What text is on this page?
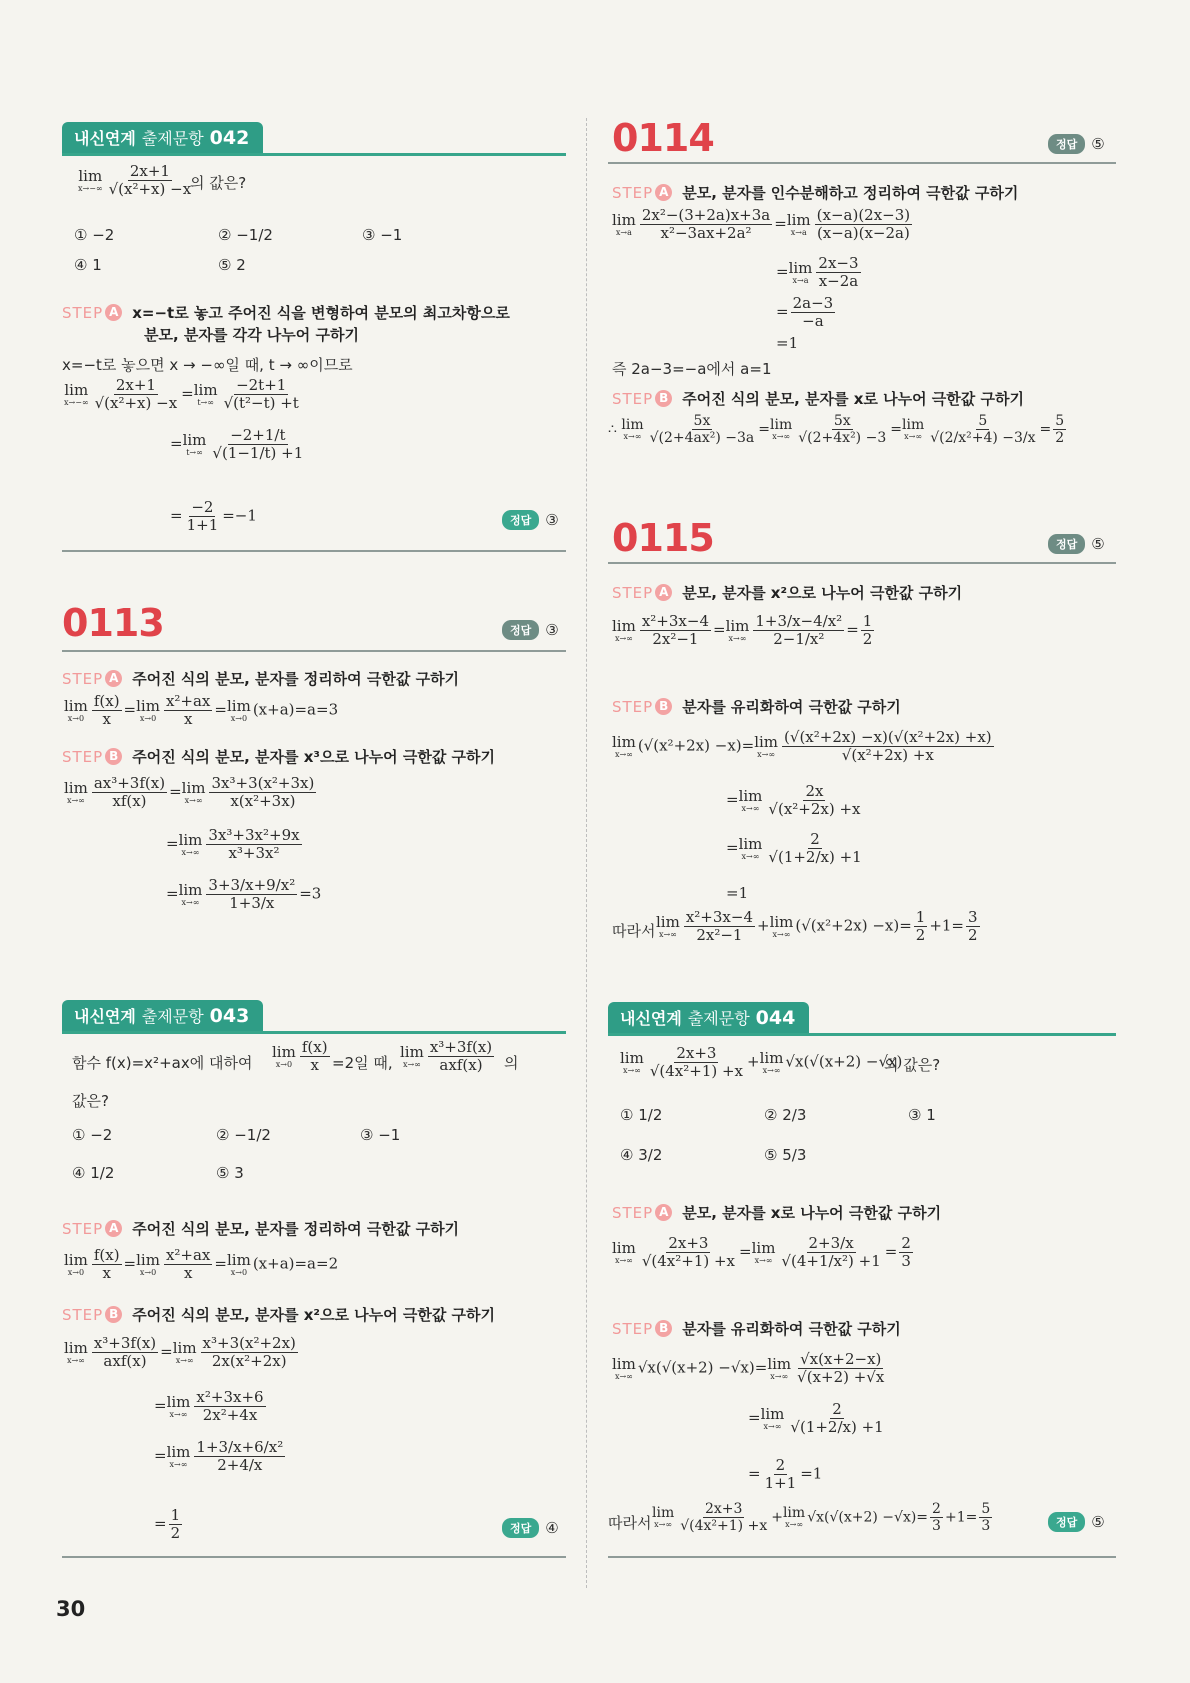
내신연계 출제문항 042
lim
$x\to-\infty \frac{2x+1}{\text{√(x²+x) −x}}$
의 값은?
① −2	② −1/2	③ −1
④ 1	⑤ 2
STEP A x=−t로 놓고 주어진 식을 변형하여 분모의 최고차항으로
분모, 분자를 각각 나누어 구하기
x=−t로 놓으면 x → −∞일 때, t → ∞이므로
lim
$x\to-\infty \frac{2x+1}{\text{√(x²+x) −x}} =\lim$
$t\to\infty \frac{-2t+1}{\text{√(t²−t) +t}}$
=lim
$t\to\infty \frac{-2+1/t}{√(1-1/t) +1}$
= $\frac{-2}{1+1} =-1$	정답 ③
0113	정답 ③
STEP A 주어진 식의 분모, 분자를 정리하여 극한값 구하기
lim
$x\to 0 \frac{f(x)}{x} =\lim$
$x\to 0 \frac{\text{x²+ax}}{x} =\lim$
x→0 (x+a)=a=3
STEP B 주어진 식의 분모, 분자를 x³으로 나누어 극한값 구하기
lim
$x\to\infty \frac{\text{ax³+3f(x)}}{xf(x)} =\lim$
$x\to\infty \frac{\text{3x³+3(x²+3x)}}{\text{x(x²+3x)}}$
=lim
$x\to\infty \frac{\text{3x³+3x²+9x}}{\text{x³+3x²}}$
=lim
$x\to\infty \frac{\text{3+3/x+9/x²}}{1+3/x} =3$
내신연계 출제문항 043
함수 f(x)=x²+ax에 대하여
lim
$x\to 0 \frac{f(x)}{x} =2$일 때,
lim
$x\to\infty \frac{\text{x³+3f(x)}}{\text{axf(x)}}$ 의
값은?
① −2	② −1/2	③ −1
④ 1/2	⑤ 3
STEP A 주어진 식의 분모, 분자를 정리하여 극한값 구하기
lim
$x\to 0 \frac{f(x)}{x} =\lim$
$x\to 0 \frac{\text{x²+ax}}{x} =\lim$
x→0 (x+a)=a=2
STEP B 주어진 식의 분모, 분자를 x²으로 나누어 극한값 구하기
lim
$x\to\infty \frac{\text{x³+3f(x)}}{\text{axf(x)}} =\lim$
$x\to\infty \frac{\text{x³+3(x²+2x)}}{\text{2x(x²+2x)}}$
=lim
$x\to\infty \frac{\text{x²+3x+6}}{\text{2x²+4x}}$
=lim
$x\to\infty \frac{\text{1+3/x+6/x²}}{2+4/x}$
= $\frac{1}{2}$	정답 ④
0114	정답 ⑤
STEP A 분모, 분자를 인수분해하고 정리하여 극한값 구하기
lim
$x\to a \frac{\text{2x²−(3+2a)x+3a}}{\text{x²−3ax+2a²}} =\lim$
$x\to a \frac{(x-a)(2x-3)}{(x-a)(x-2a)}$
=lim
$x\to a \frac{2x-3}{x-2a}$
= $\frac{2a-3}{-a}$
=1
즉 2a−3=−a에서 a=1
STEP B 주어진 식의 분모, 분자를 x로 나누어 극한값 구하기
∴ lim
$x\to\infty \frac{5x}{\text{√(2+4ax²) −3a}} =\lim$
$x\to\infty \frac{5x}{\text{√(2+4x²) −3}} =\lim$
$x\to\infty \frac{5}{\text{√(2/x²+4) −3/x}} = \frac{5}{2}$
0115	정답 ⑤
STEP A 분모, 분자를 x²으로 나누어 극한값 구하기
lim
$x\to\infty \frac{\text{x²+3x−4}}{\text{2x²−1}} =\lim$
$x\to\infty \frac{\text{1+3/x−4/x²}}{\text{2−1/x²}} = \frac{1}{2}$
STEP B 분자를 유리화하여 극한값 구하기
lim
x→∞ (√(x²+2x) −x)=lim
$x\to\infty \frac{\text{(√(x²+2x) −x)(√(x²+2x) +x)}}{\text{√(x²+2x) +x}}$
=lim
$x\to\infty \frac{2x}{\text{√(x²+2x) +x}}$
=lim
$x\to\infty \frac{2}{√(1+2/x) +1}$
=1
따라서
lim
$x\to\infty \frac{\text{x²+3x−4}}{\text{2x²−1}} +\lim$
x→∞ $(√(x^2+2x) -x)= \frac{1}{2} +1= \frac{3}{2}$
내신연계 출제문항 044
lim
$x\to\infty \frac{2x+3}{\text{√(4x²+1) +x}} +\lim$
x→∞ √x(√(x+2) −√x)
의 값은?
① 1/2	② 2/3	③ 1
④ 3/2	⑤ 5/3
STEP A 분모, 분자를 x로 나누어 극한값 구하기
lim
$x\to\infty \frac{2x+3}{\text{√(4x²+1) +x}} =\lim$
$x\to\infty \frac{2+3/x}{\text{√(4+1/x²) +1}} = \frac{2}{3}$
STEP B 분자를 유리화하여 극한값 구하기
lim
x→∞ √x(√(x+2) −√x)=lim
$x\to\infty \frac{√x(x+2-x)}{√(x+2) +√x}$
=lim
$x\to\infty \frac{2}{√(1+2/x) +1}$
= $\frac{2}{1+1} =1$
따라서
lim
$x\to\infty \frac{2x+3}{\text{√(4x²+1) +x}} +\lim$
x→∞ $√x(√(x+2) -√x)= \frac{2}{3} +1= \frac{5}{3}$	정답 ⑤
30
